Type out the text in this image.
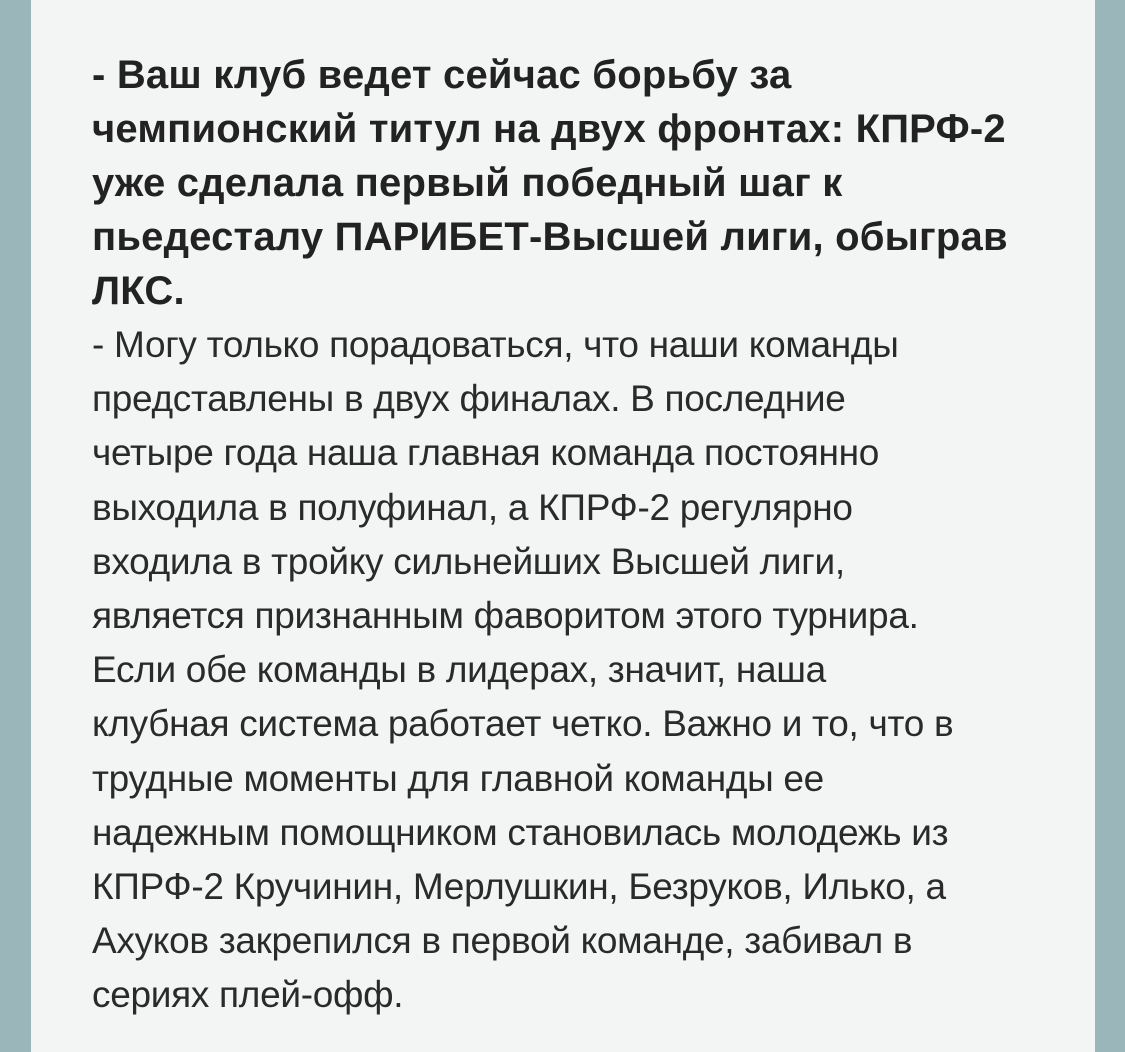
- Ваш клуб ведет сейчас борьбу за
чемпионский титул на двух фронтах: КПРФ-2
уже сделала первый победный шаг к
пьедесталу ПАРИБЕТ-Высшей лиги, обыграв
ЛКС.

- Могу только порадоваться, что наши команды
представлены в двух финалах. В последние
четыре года наша главная команда постоянно
выходила в полуфинал, а КПРФ-2 регулярно
входила в тройку сильнейших Высшей лиги,
является признанным фаворитом этого турнира.
Если обе команды в лидерах, значит, наша
клубная система работает четко. Важно и то, что в
трудные моменты для главной команды ее
надежным помощником становилась молодежь из
КПРФ-2 Кручинин, Мерлушкин, Безруков, Илько, а
Ахуков закрепился в первой команде, забивал в
сериях плей-офф.
